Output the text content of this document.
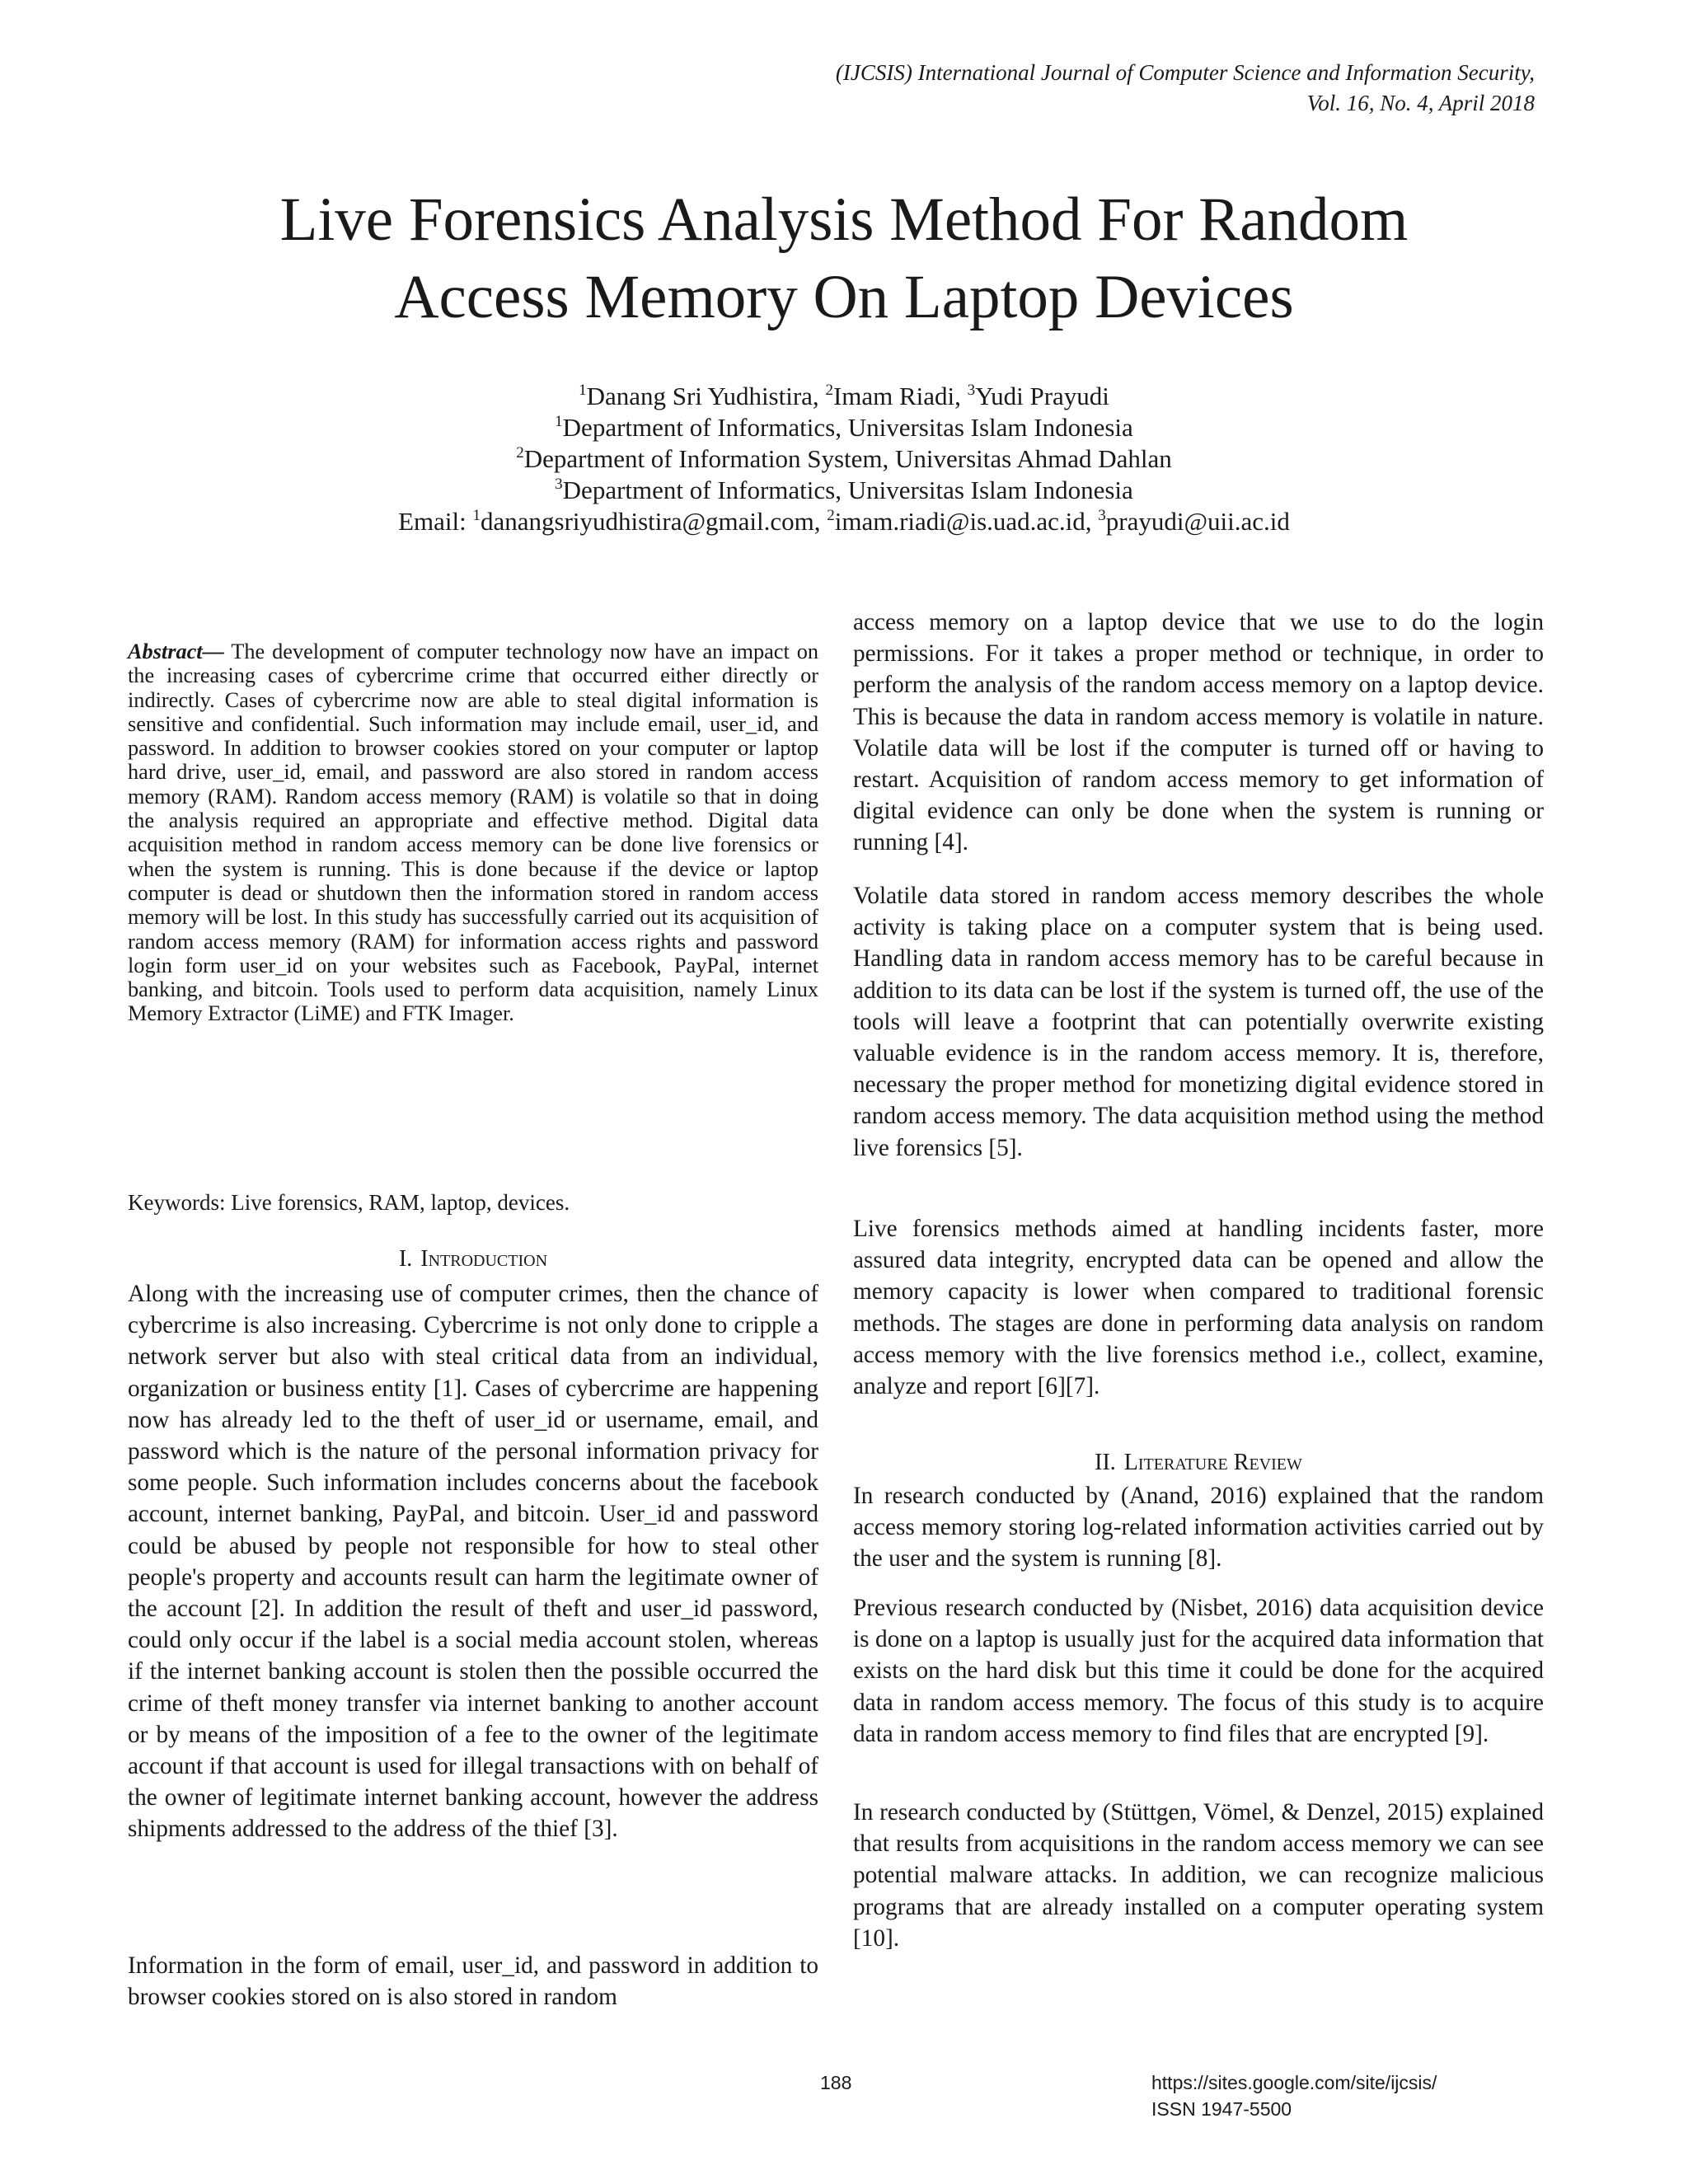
(IJCSIS) International Journal of Computer Science and Information Security,
Vol. 16, No. 4, April 2018
Live Forensics Analysis Method For Random
Access Memory On Laptop Devices
$^1$Danang Sri Yudhistira, $^2$Imam Riadi, $^3$Yudi Prayudi
$^1$Department of Informatics, Universitas Islam Indonesia
$^2$Department of Information System, Universitas Ahmad Dahlan
$^3$Department of Informatics, Universitas Islam Indonesia
Email: $^1$danangsriyudhistira@gmail.com, $^2$imam.riadi@is.uad.ac.id, $^3$prayudi@uii.ac.id
Abstract— The development of computer technology now have an impact on the increasing cases of cybercrime crime that occurred either directly or indirectly. Cases of cybercrime now are able to steal digital information is sensitive and confidential. Such information may include email, user_id, and password. In addition to browser cookies stored on your computer or laptop hard drive, user_id, email, and password are also stored in random access memory (RAM). Random access memory (RAM) is volatile so that in doing the analysis required an appropriate and effective method. Digital data acquisition method in random access memory can be done live forensics or when the system is running. This is done because if the device or laptop computer is dead or shutdown then the information stored in random access memory will be lost. In this study has successfully carried out its acquisition of random access memory (RAM) for information access rights and password login form user_id on your websites such as Facebook, PayPal, internet banking, and bitcoin. Tools used to perform data acquisition, namely Linux Memory Extractor (LiME) and FTK Imager.
Keywords: Live forensics, RAM, laptop, devices.
I. Introduction
Along with the increasing use of computer crimes, then the chance of cybercrime is also increasing. Cybercrime is not only done to cripple a network server but also with steal critical data from an individual, organization or business entity [1]. Cases of cybercrime are happening now has already led to the theft of user_id or username, email, and password which is the nature of the personal information privacy for some people. Such information includes concerns about the facebook account, internet banking, PayPal, and bitcoin. User_id and password could be abused by people not responsible for how to steal other people's property and accounts result can harm the legitimate owner of the account [2]. In addition the result of theft and user_id password, could only occur if the label is a social media account stolen, whereas if the internet banking account is stolen then the possible occurred the crime of theft money transfer via internet banking to another account or by means of the imposition of a fee to the owner of the legitimate account if that account is used for illegal transactions with on behalf of the owner of legitimate internet banking account, however the address shipments addressed to the address of the thief [3].
Information in the form of email, user_id, and password in addition to browser cookies stored on is also stored in random
access memory on a laptop device that we use to do the login permissions. For it takes a proper method or technique, in order to perform the analysis of the random access memory on a laptop device. This is because the data in random access memory is volatile in nature. Volatile data will be lost if the computer is turned off or having to restart. Acquisition of random access memory to get information of digital evidence can only be done when the system is running or running [4].
Volatile data stored in random access memory describes the whole activity is taking place on a computer system that is being used. Handling data in random access memory has to be careful because in addition to its data can be lost if the system is turned off, the use of the tools will leave a footprint that can potentially overwrite existing valuable evidence is in the random access memory. It is, therefore, necessary the proper method for monetizing digital evidence stored in random access memory. The data acquisition method using the method live forensics [5].
Live forensics methods aimed at handling incidents faster, more assured data integrity, encrypted data can be opened and allow the memory capacity is lower when compared to traditional forensic methods. The stages are done in performing data analysis on random access memory with the live forensics method i.e., collect, examine, analyze and report [6][7].
II. Literature Review
In research conducted by (Anand, 2016) explained that the random access memory storing log-related information activities carried out by the user and the system is running [8].
Previous research conducted by (Nisbet, 2016) data acquisition device is done on a laptop is usually just for the acquired data information that exists on the hard disk but this time it could be done for the acquired data in random access memory. The focus of this study is to acquire data in random access memory to find files that are encrypted [9].
In research conducted by (Stüttgen, Vömel, & Denzel, 2015) explained that results from acquisitions in the random access memory we can see potential malware attacks. In addition, we can recognize malicious programs that are already installed on a computer operating system [10].
188	https://sites.google.com/site/ijcsis/
ISSN 1947-5500
